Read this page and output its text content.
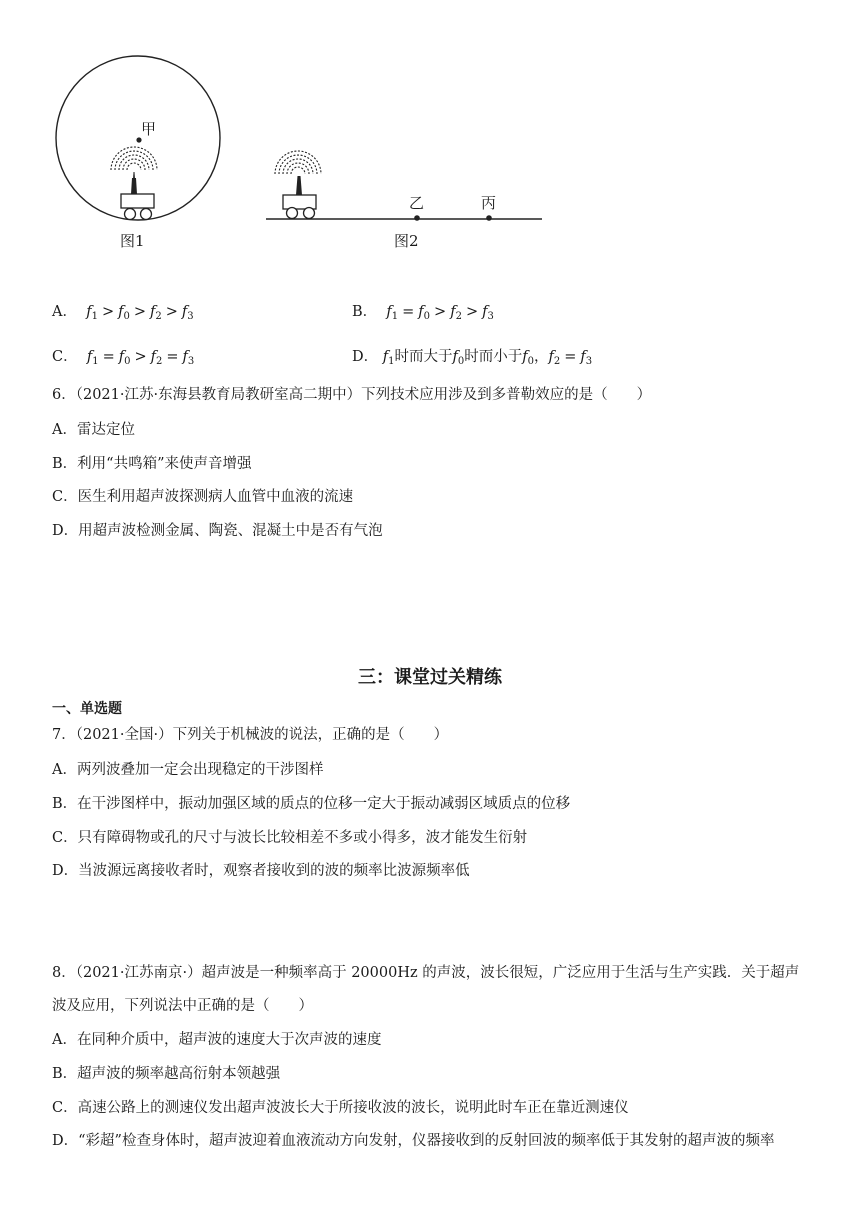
甲
图1
乙	丙
图2
A． $f_1 > f_0 > f_2 > f_3$	B． $f_1 = f_0 > f_2 > f_3$
C． $f_1 = f_0 > f_2 = f_3$	D． $f_1$时而大于$f_0$时而小于$f_0$，$f_2 = f_3$
6．（2021·江苏·东海县教育局教研室高二期中）下列技术应用涉及到多普勒效应的是（　　）
A．雷达定位
B．利用“共鸣箱”来使声音增强
C．医生利用超声波探测病人血管中血液的流速
D．用超声波检测金属、陶瓷、混凝土中是否有气泡
三：课堂过关精练
一、单选题
7．（2021·全国·）下列关于机械波的说法，正确的是（　　）
A．两列波叠加一定会出现稳定的干涉图样
B．在干涉图样中，振动加强区域的质点的位移一定大于振动减弱区域质点的位移
C．只有障碍物或孔的尺寸与波长比较相差不多或小得多，波才能发生衍射
D．当波源远离接收者时，观察者接收到的波的频率比波源频率低
8．（2021·江苏南京·）超声波是一种频率高于 20000Hz 的声波，波长很短，广泛应用于生活与生产实践．关于超声
波及应用，下列说法中正确的是（　　）
A．在同种介质中，超声波的速度大于次声波的速度
B．超声波的频率越高衍射本领越强
C．高速公路上的测速仪发出超声波波长大于所接收波的波长，说明此时车正在靠近测速仪
D．“彩超”检查身体时，超声波迎着血液流动方向发射，仪器接收到的反射回波的频率低于其发射的超声波的频率
